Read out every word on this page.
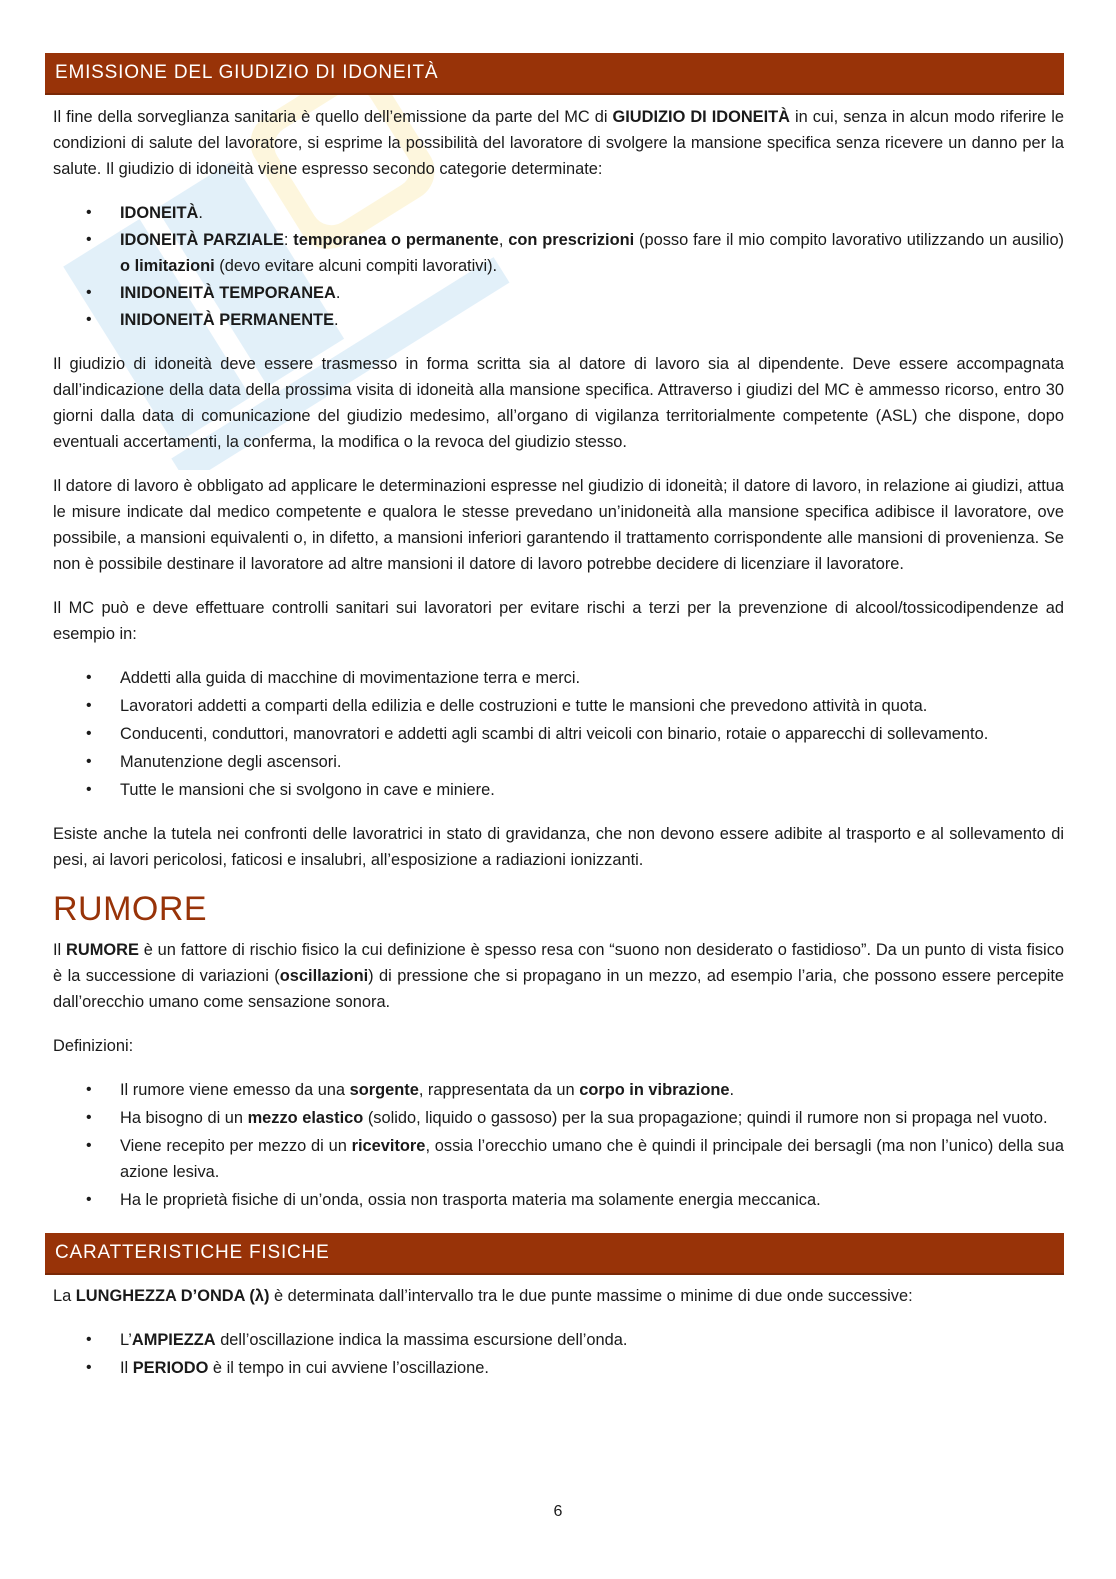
EMISSIONE DEL GIUDIZIO DI IDONEITÀ

Il fine della sorveglianza sanitaria è quello dell’emissione da parte del MC di GIUDIZIO DI IDONEITÀ in cui, senza in alcun modo riferire le condizioni di salute del lavoratore, si esprime la possibilità del lavoratore di svolgere la mansione specifica senza ricevere un danno per la salute. Il giudizio di idoneità viene espresso secondo categorie determinate:

• IDONEITÀ.
• IDONEITÀ PARZIALE: temporanea o permanente, con prescrizioni (posso fare il mio compito lavorativo utilizzando un ausilio) o limitazioni (devo evitare alcuni compiti lavorativi).
• INIDONEITÀ TEMPORANEA.
• INIDONEITÀ PERMANENTE.

Il giudizio di idoneità deve essere trasmesso in forma scritta sia al datore di lavoro sia al dipendente. Deve essere accompagnata dall’indicazione della data della prossima visita di idoneità alla mansione specifica. Attraverso i giudizi del MC è ammesso ricorso, entro 30 giorni dalla data di comunicazione del giudizio medesimo, all’organo di vigilanza territorialmente competente (ASL) che dispone, dopo eventuali accertamenti, la conferma, la modifica o la revoca del giudizio stesso.

Il datore di lavoro è obbligato ad applicare le determinazioni espresse nel giudizio di idoneità; il datore di lavoro, in relazione ai giudizi, attua le misure indicate dal medico competente e qualora le stesse prevedano un’inidoneità alla mansione specifica adibisce il lavoratore, ove possibile, a mansioni equivalenti o, in difetto, a mansioni inferiori garantendo il trattamento corrispondente alle mansioni di provenienza. Se non è possibile destinare il lavoratore ad altre mansioni il datore di lavoro potrebbe decidere di licenziare il lavoratore.

Il MC può e deve effettuare controlli sanitari sui lavoratori per evitare rischi a terzi per la prevenzione di alcool/tossicodipendenze ad esempio in:

• Addetti alla guida di macchine di movimentazione terra e merci.
• Lavoratori addetti a comparti della edilizia e delle costruzioni e tutte le mansioni che prevedono attività in quota.
• Conducenti, conduttori, manovratori e addetti agli scambi di altri veicoli con binario, rotaie o apparecchi di sollevamento.
• Manutenzione degli ascensori.
• Tutte le mansioni che si svolgono in cave e miniere.

Esiste anche la tutela nei confronti delle lavoratrici in stato di gravidanza, che non devono essere adibite al trasporto e al sollevamento di pesi, ai lavori pericolosi, faticosi e insalubri, all’esposizione a radiazioni ionizzanti.

RUMORE

Il RUMORE è un fattore di rischio fisico la cui definizione è spesso resa con “suono non desiderato o fastidioso”. Da un punto di vista fisico è la successione di variazioni (oscillazioni) di pressione che si propagano in un mezzo, ad esempio l’aria, che possono essere percepite dall’orecchio umano come sensazione sonora.

Definizioni:

• Il rumore viene emesso da una sorgente, rappresentata da un corpo in vibrazione.
• Ha bisogno di un mezzo elastico (solido, liquido o gassoso) per la sua propagazione; quindi il rumore non si propaga nel vuoto.
• Viene recepito per mezzo di un ricevitore, ossia l’orecchio umano che è quindi il principale dei bersagli (ma non l’unico) della sua azione lesiva.
• Ha le proprietà fisiche di un’onda, ossia non trasporta materia ma solamente energia meccanica.
CARATTERISTICHE FISICHE

La LUNGHEZZA D’ONDA (λ) è determinata dall’intervallo tra le due punte massime o minime di due onde successive:

• L’AMPIEZZA dell’oscillazione indica la massima escursione dell’onda.
• Il PERIODO è il tempo in cui avviene l’oscillazione.
6
